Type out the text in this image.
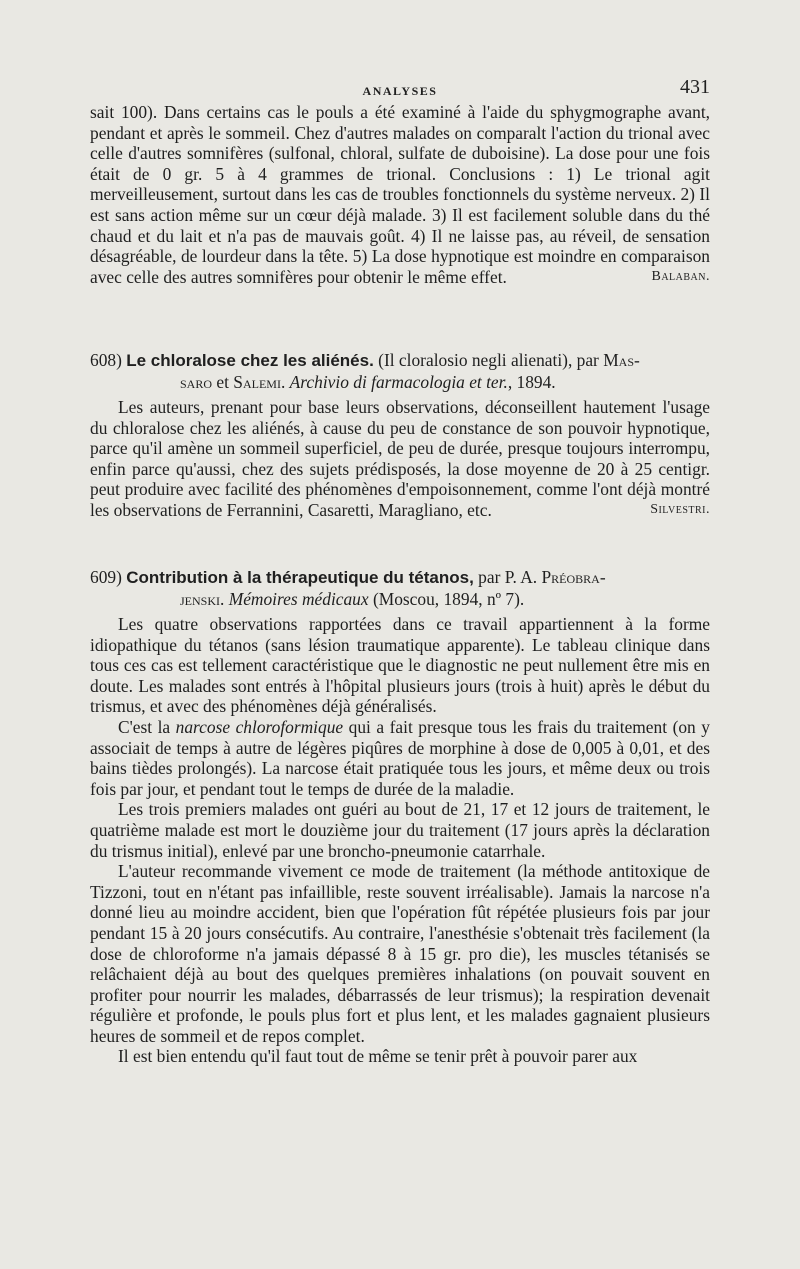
ANALYSES	431

sait 100). Dans certains cas le pouls a été examiné à l'aide du sphygmographe avant, pendant et après le sommeil. Chez d'autres malades on comparalt l'action du trional avec celle d'autres somnifères (sulfonal, chloral, sulfate de duboisine). La dose pour une fois était de 0 gr. 5 à 4 grammes de trional. Conclusions : 1) Le trional agit merveilleusement, surtout dans les cas de troubles fonctionnels du système nerveux. 2) Il est sans action même sur un cœur déjà malade. 3) Il est facilement soluble dans du thé chaud et du lait et n'a pas de mauvais goût. 4) Il ne laisse pas, au réveil, de sensation désagréable, de lourdeur dans la tête. 5) La dose hypnotique est moindre en comparaison avec celle des autres somnifères pour obtenir le même effet.	Balaban.

608) Le chloralose chez les aliénés. (Il cloralosio negli alienati), par Mas-

saro et Salemi. Archivio di farmacologia et ter., 1894.

Les auteurs, prenant pour base leurs observations, déconseillent hautement l'usage du chloralose chez les aliénés, à cause du peu de constance de son pouvoir hypnotique, parce qu'il amène un sommeil superficiel, de peu de durée, presque toujours interrompu, enfin parce qu'aussi, chez des sujets prédisposés, la dose moyenne de 20 à 25 centigr. peut produire avec facilité des phénomènes d'empoisonnement, comme l'ont déjà montré les observations de Ferrannini, Casaretti, Maragliano, etc.	Silvestri.

609) Contribution à la thérapeutique du tétanos, par P. A. Préobra-

jenski. Mémoires médicaux (Moscou, 1894, nº 7).

Les quatre observations rapportées dans ce travail appartiennent à la forme idiopathique du tétanos (sans lésion traumatique apparente). Le tableau clinique dans tous ces cas est tellement caractéristique que le diagnostic ne peut nullement être mis en doute. Les malades sont entrés à l'hôpital plusieurs jours (trois à huit) après le début du trismus, et avec des phénomènes déjà généralisés.

C'est la narcose chloroformique qui a fait presque tous les frais du traitement (on y associait de temps à autre de légères piqûres de morphine à dose de 0,005 à 0,01, et des bains tièdes prolongés). La narcose était pratiquée tous les jours, et même deux ou trois fois par jour, et pendant tout le temps de durée de la maladie.

Les trois premiers malades ont guéri au bout de 21, 17 et 12 jours de traitement, le quatrième malade est mort le douzième jour du traitement (17 jours après la déclaration du trismus initial), enlevé par une broncho-pneumonie catarrhale.

L'auteur recommande vivement ce mode de traitement (la méthode antitoxique de Tizzoni, tout en n'étant pas infaillible, reste souvent irréalisable). Jamais la narcose n'a donné lieu au moindre accident, bien que l'opération fût répétée plusieurs fois par jour pendant 15 à 20 jours consécutifs. Au contraire, l'anesthésie s'obtenait très facilement (la dose de chloroforme n'a jamais dépassé 8 à 15 gr. pro die), les muscles tétanisés se relâchaient déjà au bout des quelques premières inhalations (on pouvait souvent en profiter pour nourrir les malades, débarrassés de leur trismus); la respiration devenait régulière et profonde, le pouls plus fort et plus lent, et les malades gagnaient plusieurs heures de sommeil et de repos complet.

Il est bien entendu qu'il faut tout de même se tenir prêt à pouvoir parer aux
